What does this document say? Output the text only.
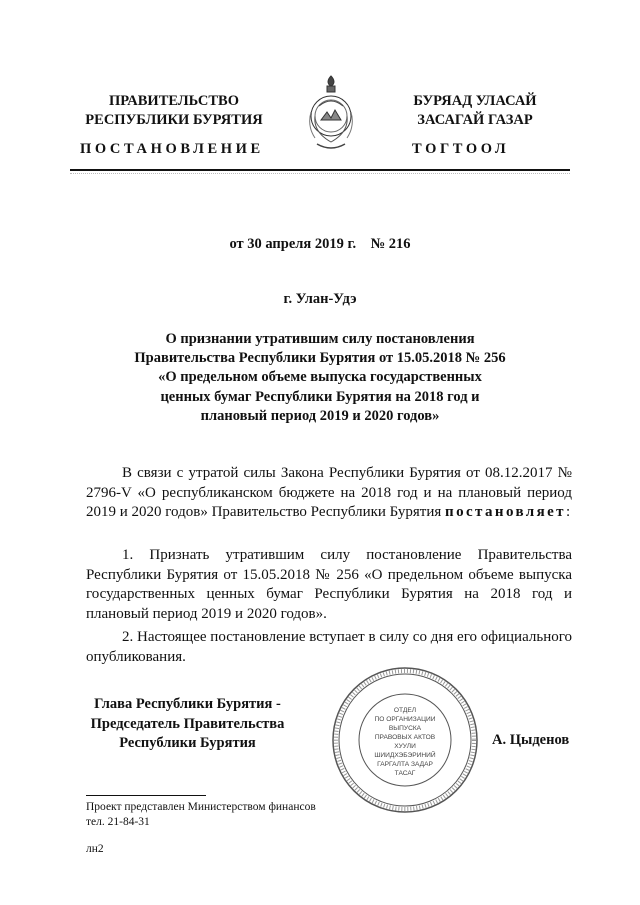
ПРАВИТЕЛЬСТВО
РЕСПУБЛИКИ БУРЯТИЯ
БУРЯАД УЛАСАЙ
ЗАСАГАЙ ГАЗАР
ПОСТАНОВЛЕНИЕ	ТОГТООЛ
от 30 апреля 2019 г.    № 216
г. Улан-Удэ
О признании утратившим силу постановления
Правительства Республики Бурятия от 15.05.2018 № 256
«О предельном объеме выпуска государственных
ценных бумаг Республики Бурятия на 2018 год и
плановый период 2019 и 2020 годов»
В связи с утратой силы Закона Республики Бурятия от 08.12.2017 № 2796-V «О республиканском бюджете на 2018 год и на плановый период 2019 и 2020 годов» Правительство Республики Бурятия постановляет:
1. Признать утратившим силу постановление Правительства Республики Бурятия от 15.05.2018 № 256 «О предельном объеме выпуска государственных ценных бумаг Республики Бурятия на 2018 год и плановый период 2019 и 2020 годов».
2. Настоящее постановление вступает в силу со дня его официального опубликования.
ОТДЕЛ
ПО ОРГАНИЗАЦИИ
ВЫПУСКА
ПРАВОВЫХ АКТОВ
ХУУЛИ
ШИИДХЭБЭРИНИЙ
ГАРГАЛТА ЗАДАР
ТАСАГ
Глава Республики Бурятия -
Председатель Правительства
Республики Бурятия	А. Цыденов
Проект представлен Министерством финансов
тел. 21-84-31
лн2
